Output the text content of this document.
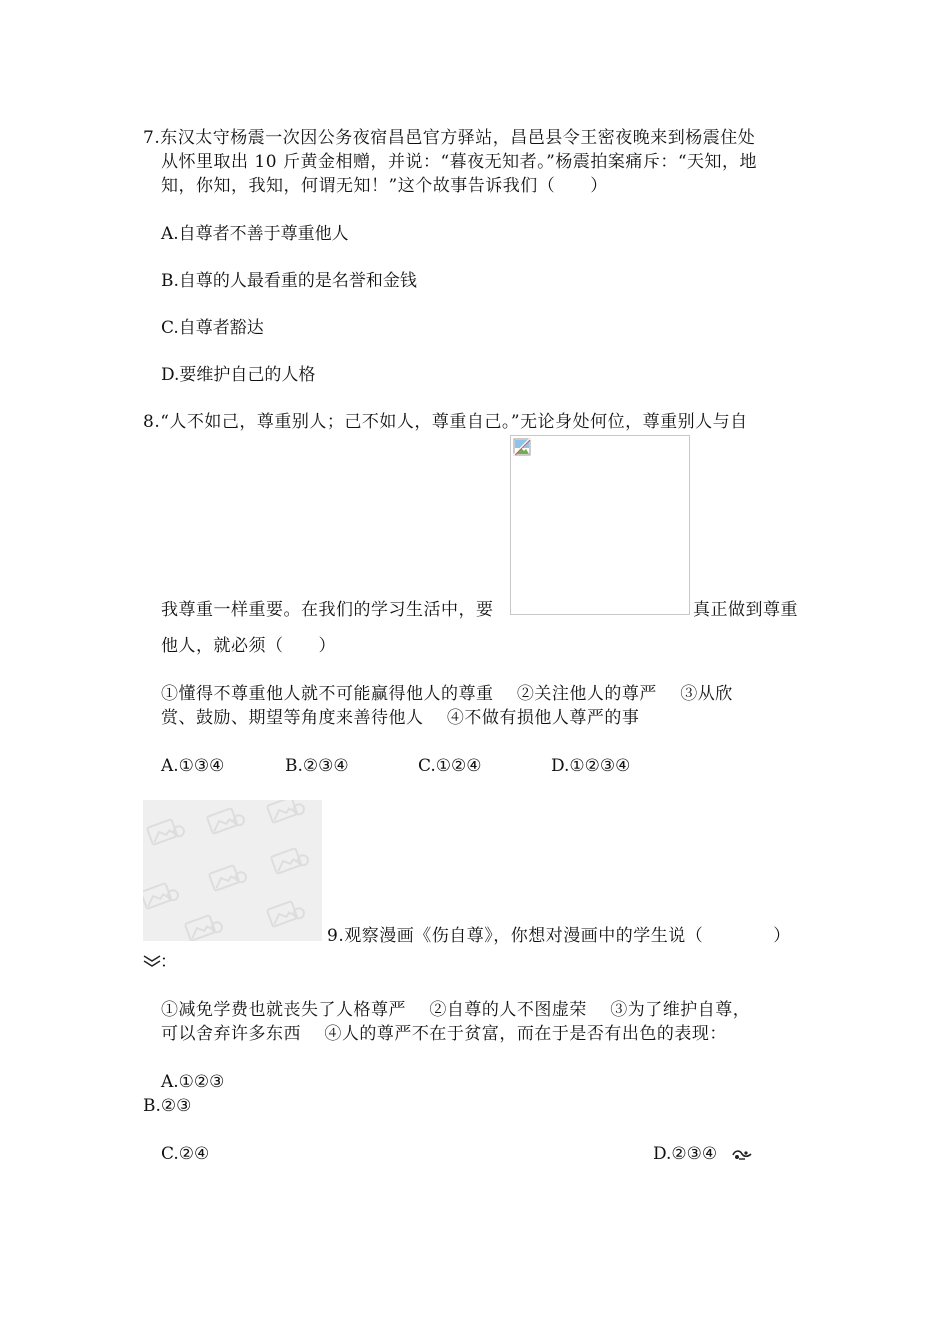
7.东汉太守杨震一次因公务夜宿昌邑官方驿站，昌邑县令王密夜晚来到杨震住处
从怀里取出 10 斤黄金相赠，并说：“暮夜无知者。”杨震拍案痛斥：“天知，地
知，你知，我知，何谓无知！”这个故事告诉我们（　　）
A.自尊者不善于尊重他人
B.自尊的人最看重的是名誉和金钱
C.自尊者豁达
D.要维护自己的人格
8.“人不如己，尊重别人；己不如人，尊重自己。”无论身处何位，尊重别人与自
我尊重一样重要。在我们的学习生活中，要	真正做到尊重
他人，就必须（　　）
①懂得不尊重他人就不可能赢得他人的尊重　 ②关注他人的尊严　 ③从欣
赏、鼓励、期望等角度来善待他人　 ④不做有损他人尊严的事
A.①③④	B.②③④	C.①②④	D.①②③④
9.观察漫画《伤自尊》，你想对漫画中的学生说（　　　　）
：
①减免学费也就丧失了人格尊严　 ②自尊的人不图虚荣　 ③为了维护自尊，
可以舍弃许多东西　 ④人的尊严不在于贫富，而在于是否有出色的表现：
A.①②③
B.②③
C.②④	D.②③④
